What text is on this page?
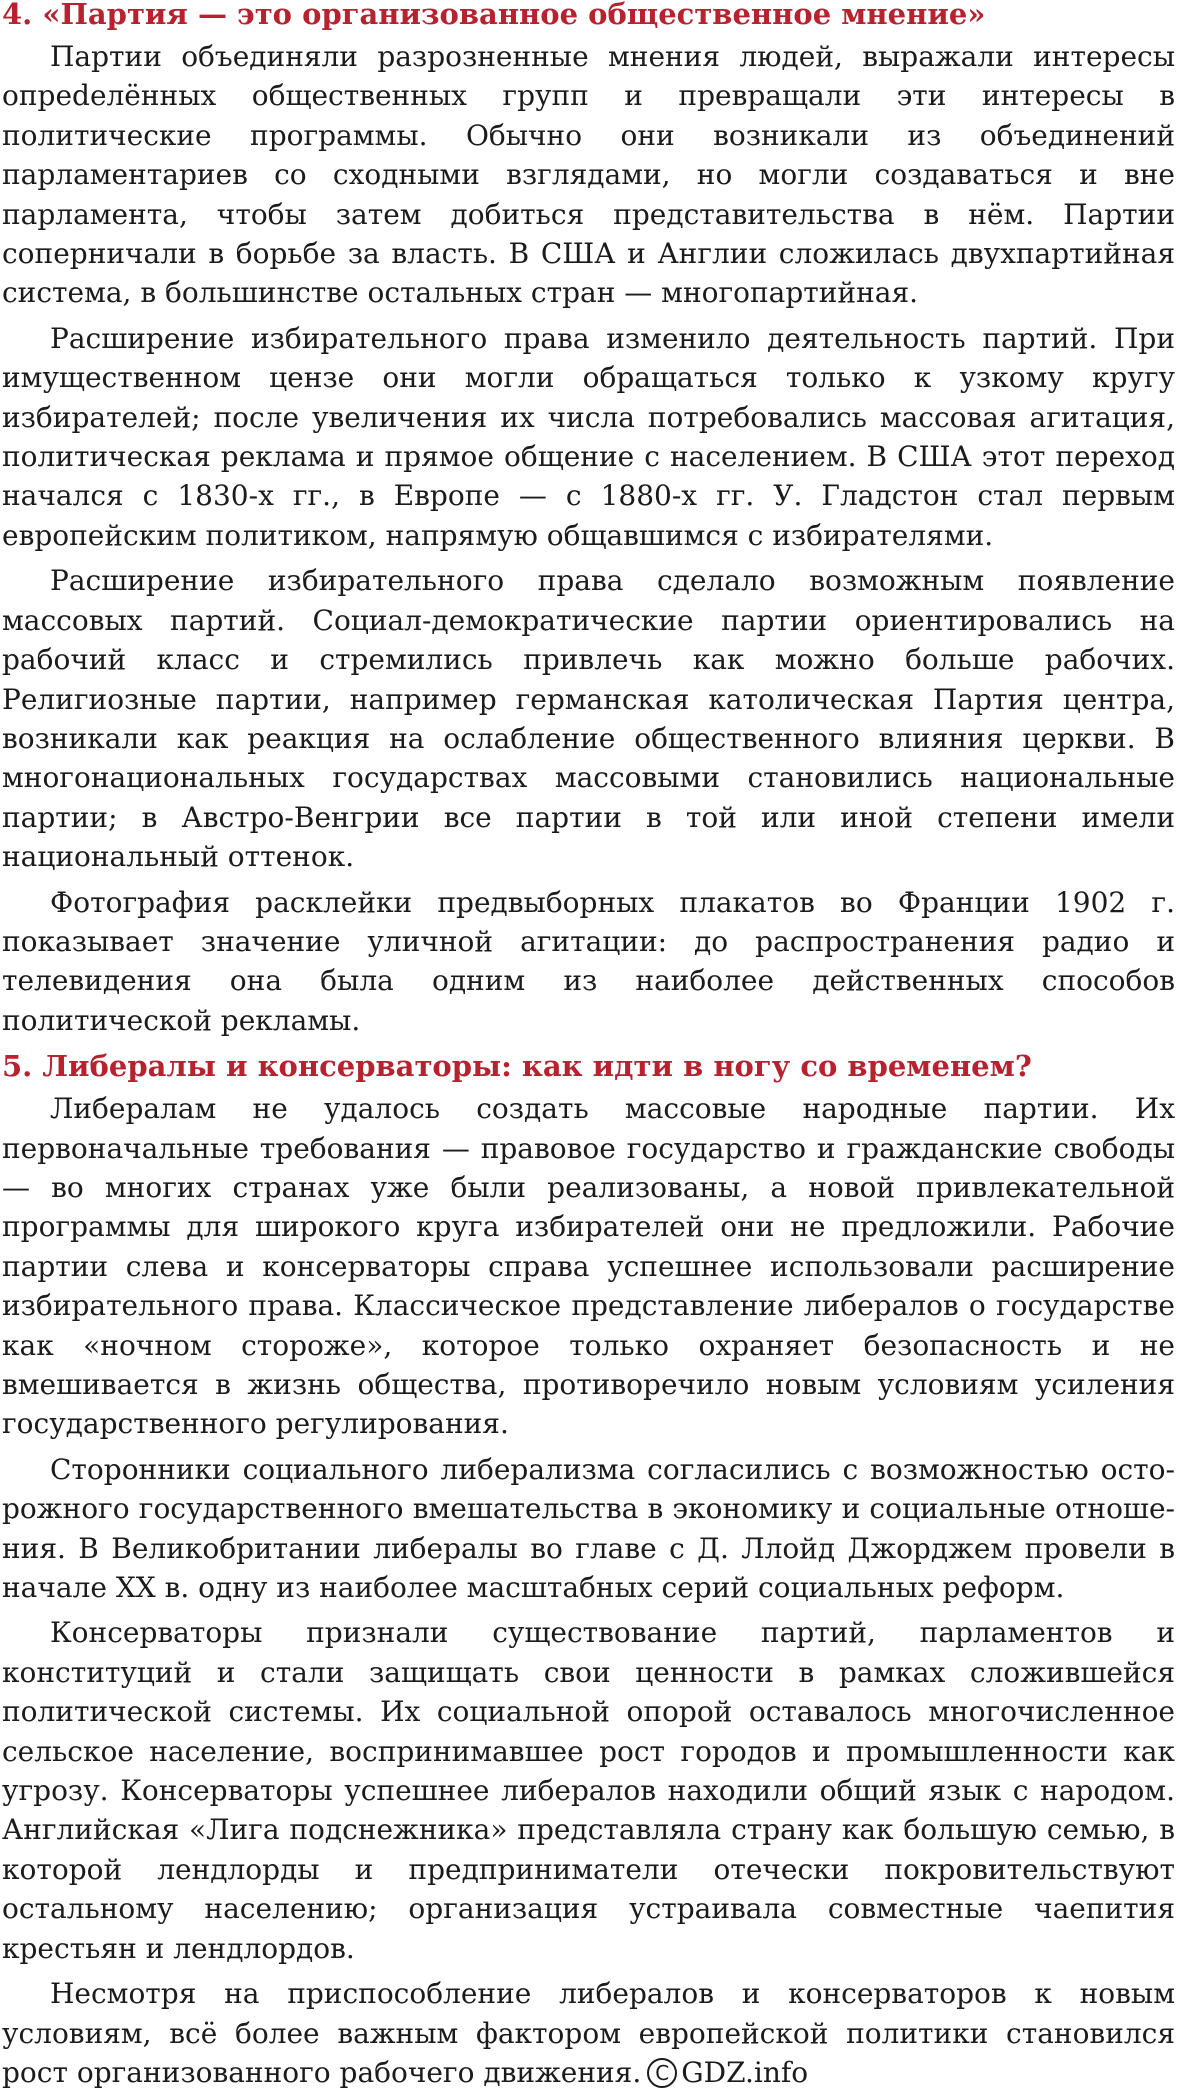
4. «Партия — это организованное общественное мнение»

Партии объединяли разрозненные мнения людей, выражали интересы опреdелённых общественных групп и превращали эти интересы в политические программы. Обычно они возникали из объединений парламентариев со сходными взглядами, но могли создаваться и вне парламента, чтобы затем добиться представительства в нём. Партии соперничали в борьбе за власть. В США и Англии сложилась двухпартийная система, в большинстве остальных стран — многопартийная.

Расширение избирательного права изменило деятельность партий. При имущественном цензе они могли обращаться только к узкому кругу избирателей; после увеличения их числа потребовались массовая агитация, политическая реклама и прямое общение с населением. В США этот переход начался с 1830-х гг., в Европе — с 1880-х гг. У. Гладстон стал первым европейским политиком, напрямую общавшимся с избирателями.

Расширение избирательного права сделало возможным появление массовых партий. Социал-демократические партии ориентировались на рабочий класс и стремились привлечь как можно больше рабочих. Религиозные партии, например германская католическая Партия центра, возникали как реакция на ослабление общественного влияния церкви. В многонациональных государствах массовыми становились национальные партии; в Австро-Венгрии все партии в той или иной степени имели национальный оттенок.

Фотография расклейки предвыборных плакатов во Франции 1902 г. показывает значение уличной агитации: до распространения радио и телевидения она была одним из наиболее действенных способов политической рекламы.

5. Либералы и консерваторы: как идти в ногу со временем?

Либералам не удалось создать массовые народные партии. Их первоначальные требования — правовое государство и гражданские свободы — во многих странах уже были реализованы, а новой привлекательной программы для широкого круга избирателей они не предложили. Рабочие партии слева и консерваторы справа успешнее использовали расширение избирательного права. Классическое представление либералов о государстве как «ночном стороже», которое только охраняет безопасность и не вмешивается в жизнь общества, противоречило новым условиям усиления государственного регулирования.

Сторонники социального либерализма согласились с возможностью осторожного государственного вмешательства в экономику и социальные отношения. В Великобритании либералы во главе с Д. Ллойд Джорджем провели в начале XX в. одну из наиболее масштабных серий социальных реформ.

Консерваторы признали существование партий, парламентов и конституций и стали защищать свои ценности в рамках сложившейся политической системы. Их социальной опорой оставалось многочисленное сельское население, воспринимавшее рост городов и промышленности как угрозу. Консерваторы успешнее либералов находили общий язык с народом. Английская «Лига подснежника» представляла страну как большую семью, в которой лендлорды и предприниматели отечески покровительствуют остальному населению; организация устраивала совместные чаепития крестьян и лендлордов.

Несмотря на приспособление либералов и консерваторов к новым условиям, всё более важным фактором европейской политики становился рост организованного рабочего движения. C GDZ.info
